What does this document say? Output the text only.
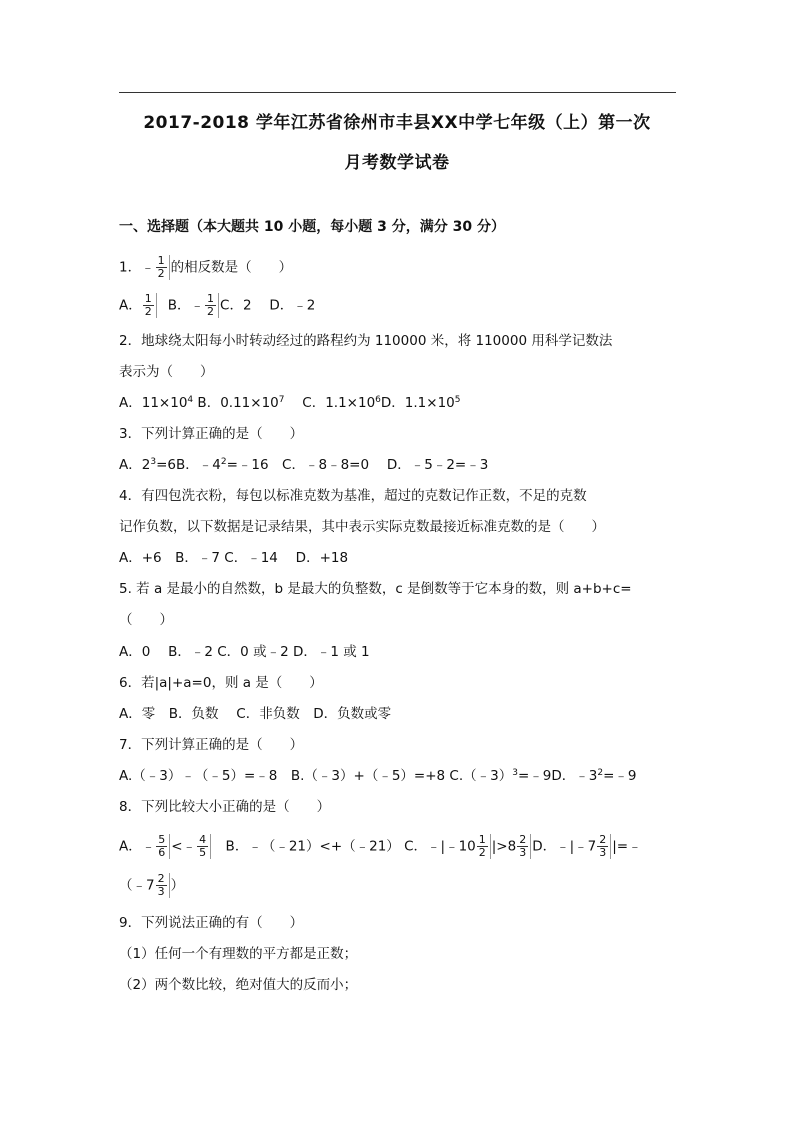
2017-2018 学年江苏省徐州市丰县XX中学七年级（上）第一次
月考数学试卷
一、选择题（本大题共 10 小题，每小题 3 分，满分 30 分）
1．﹣ $\frac{1}{2}$ 的相反数是（　　）
A． $\frac{1}{2}$ B．﹣ $\frac{1}{2}$ C．2　 D．﹣2
2．地球绕太阳每小时转动经过的路程约为 110000 米，将 110000 用科学记数法
表示为（　　）
A．$11\times 10^4$ B．$0.11\times 10^7$　 C．$1.1\times 10^6D$．$1.1\times 10^5$
3．下列计算正确的是（　　）
A．$2^3=6B$．$﹣4^2=﹣16$　C．﹣8﹣8=0　 D．﹣5﹣2=﹣3
4．有四包洗衣粉，每包以标准克数为基准，超过的克数记作正数，不足的克数
记作负数，以下数据是记录结果，其中表示实际克数最接近标准克数的是（　　）
A．+6　B．﹣7 C．﹣14　 D．+18
5. 若 a 是最小的自然数，b 是最大的负整数，c 是倒数等于它本身的数，则 a+b+c=
（　　）
A．0　 B．﹣2 C．0 或﹣2 D．﹣1 或 1
6．若|a|+a=0，则 a 是（　　）
A．零　B．负数　 C．非负数　D．负数或零
7．下列计算正确的是（　　）
A.（﹣3）﹣（﹣5）=﹣8　B.（﹣3）+（﹣5）=+8 C.（﹣3）$^3$=﹣9D．$﹣3^2=﹣9$
8．下列比较大小正确的是（　　）
A．﹣ $\frac{5}{6}$ <﹣ $\frac{4}{5}$ 　B．﹣（﹣21）<+（﹣21） C．﹣|﹣10 $\frac{1}{2} |>8 \frac{2}{3}$ D．﹣|﹣7 $\frac{2}{3}$ |=﹣
（﹣7 $\frac{2}{3}$ ）
9．下列说法正确的有（　　）
（1）任何一个有理数的平方都是正数；
（2）两个数比较，绝对值大的反而小；
